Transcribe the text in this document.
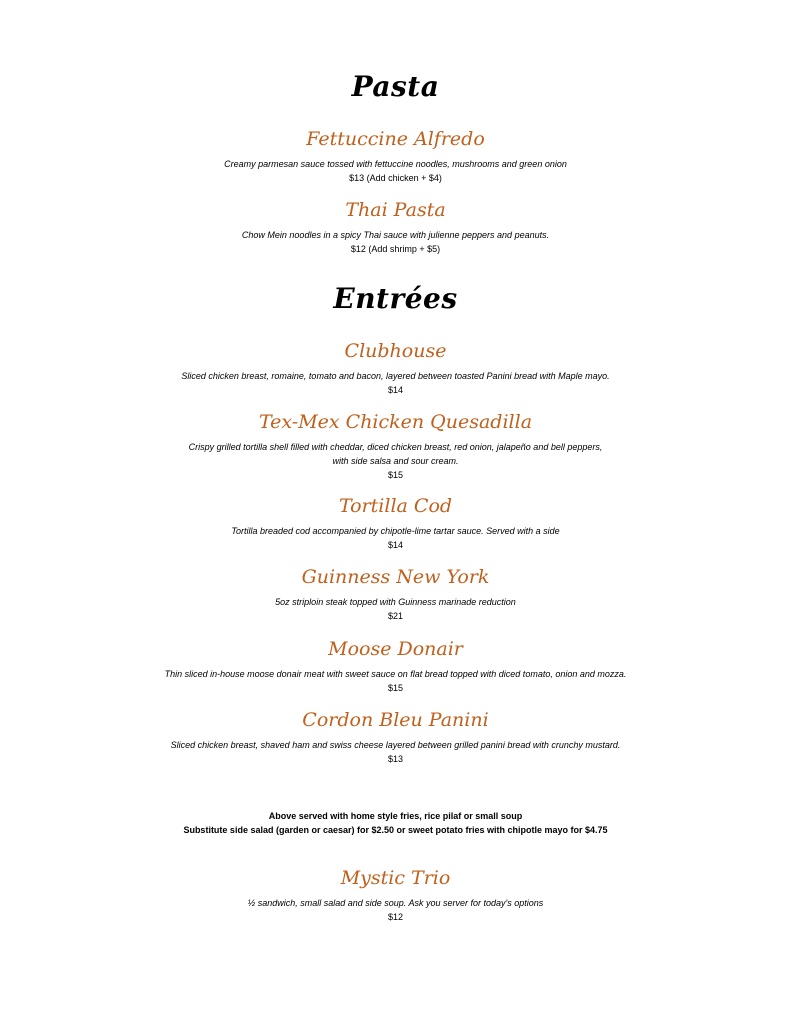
Pasta

Fettuccine Alfredo

Creamy parmesan sauce tossed with fettuccine noodles, mushrooms and green onion

$13 (Add chicken + $4)

Thai Pasta

Chow Mein noodles in a spicy Thai sauce with julienne peppers and peanuts.

$12 (Add shrimp + $5)

Entrées

Clubhouse

Sliced chicken breast, romaine, tomato and bacon, layered between toasted Panini bread with Maple mayo.

$14

Tex-Mex Chicken Quesadilla

Crispy grilled tortilla shell filled with cheddar, diced chicken breast, red onion, jalapeño and bell peppers,

with side salsa and sour cream.

$15

Tortilla Cod

Tortilla breaded cod accompanied by chipotle-lime tartar sauce. Served with a side

$14

Guinness New York

5oz striploin steak topped with Guinness marinade reduction

$21

Moose Donair

Thin sliced in-house moose donair meat with sweet sauce on flat bread topped with diced tomato, onion and mozza.

$15

Cordon Bleu Panini

Sliced chicken breast, shaved ham and swiss cheese layered between grilled panini bread with crunchy mustard.

$13

Above served with home style fries, rice pilaf or small soup

Substitute side salad (garden or caesar) for $2.50 or sweet potato fries with chipotle mayo for $4.75

Mystic Trio

½ sandwich, small salad and side soup. Ask you server for today's options

$12
